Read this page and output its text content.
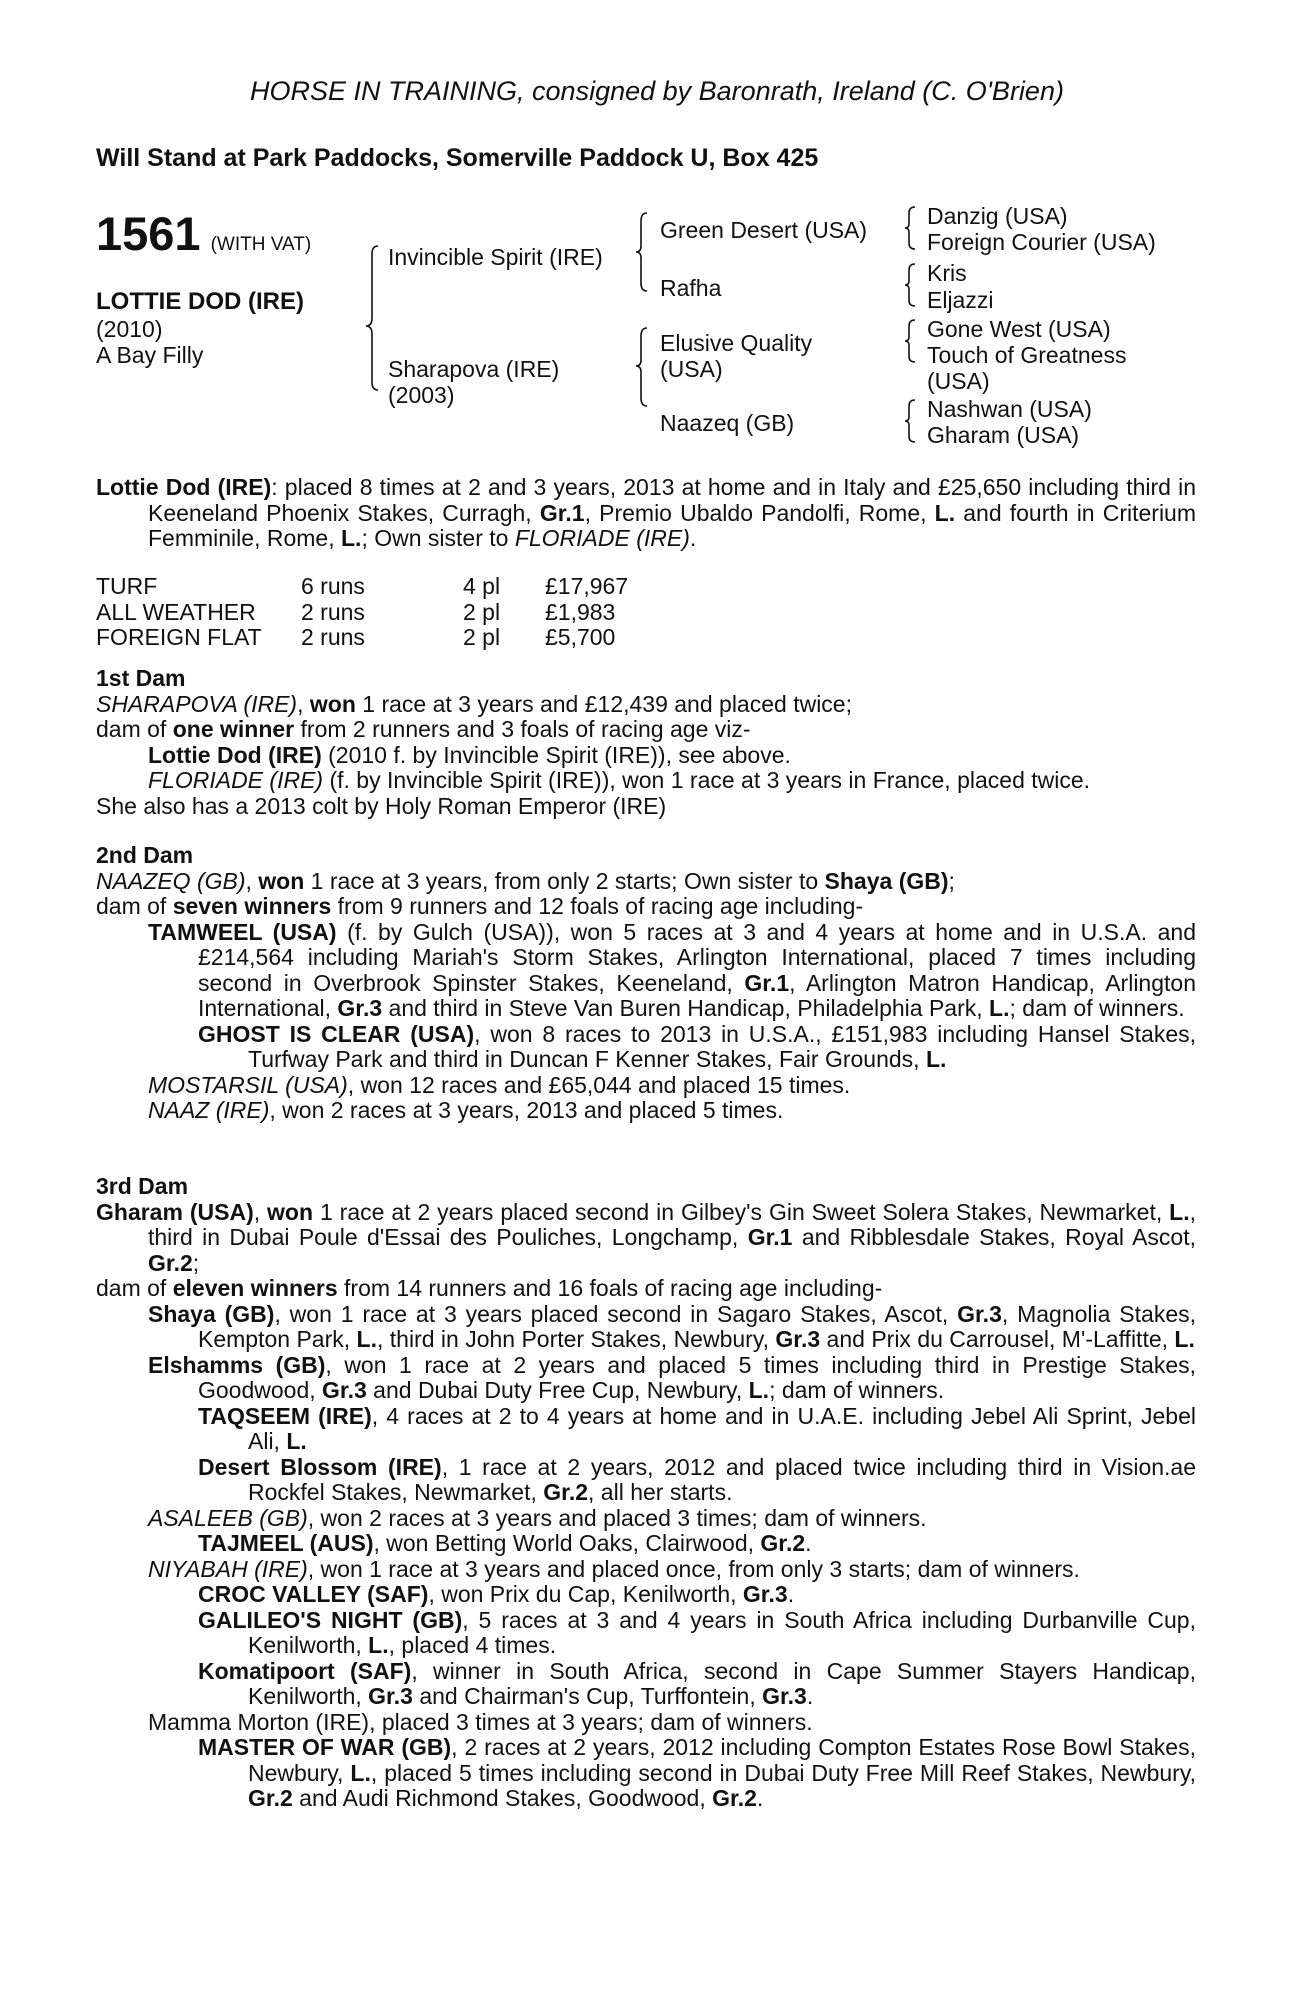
HORSE IN TRAINING, consigned by Baronrath, Ireland (C. O'Brien)
Will Stand at Park Paddocks, Somerville Paddock U, Box 425
1561 (WITH VAT)
LOTTIE DOD (IRE)
(2010)
A Bay Filly
Invincible Spirit (IRE)
Sharapova (IRE)
(2003)
Green Desert (USA)
Rafha
Elusive Quality
(USA)
Naazeq (GB)
Danzig (USA)
Foreign Courier (USA)
Kris
Eljazzi
Gone West (USA)
Touch of Greatness
(USA)
Nashwan (USA)
Gharam (USA)

Lottie Dod (IRE): placed 8 times at 2 and 3 years, 2013 at home and in Italy and £25,650 including third in Keeneland Phoenix Stakes, Curragh, Gr.1, Premio Ubaldo Pandolfi, Rome, L. and fourth in Criterium Femminile, Rome, L.; Own sister to FLORIADE (IRE).

TURF	6 runs	4 pl	£17,967
ALL WEATHER	2 runs	2 pl	£1,983
FOREIGN FLAT	2 runs	2 pl	£5,700

1st Dam

SHARAPOVA (IRE), won 1 race at 3 years and £12,439 and placed twice;

dam of one winner from 2 runners and 3 foals of racing age viz-

Lottie Dod (IRE) (2010 f. by Invincible Spirit (IRE)), see above.

FLORIADE (IRE) (f. by Invincible Spirit (IRE)), won 1 race at 3 years in France, placed twice.

She also has a 2013 colt by Holy Roman Emperor (IRE)

2nd Dam

NAAZEQ (GB), won 1 race at 3 years, from only 2 starts; Own sister to Shaya (GB);

dam of seven winners from 9 runners and 12 foals of racing age including-

TAMWEEL (USA) (f. by Gulch (USA)), won 5 races at 3 and 4 years at home and in U.S.A. and £214,564 including Mariah's Storm Stakes, Arlington International, placed 7 times including second in Overbrook Spinster Stakes, Keeneland, Gr.1, Arlington Matron Handicap, Arlington International, Gr.3 and third in Steve Van Buren Handicap, Philadelphia Park, L.; dam of winners.

GHOST IS CLEAR (USA), won 8 races to 2013 in U.S.A., £151,983 including Hansel Stakes, Turfway Park and third in Duncan F Kenner Stakes, Fair Grounds, L.

MOSTARSIL (USA), won 12 races and £65,044 and placed 15 times.

NAAZ (IRE), won 2 races at 3 years, 2013 and placed 5 times.

3rd Dam

Gharam (USA), won 1 race at 2 years placed second in Gilbey's Gin Sweet Solera Stakes, Newmarket, L., third in Dubai Poule d'Essai des Pouliches, Longchamp, Gr.1 and Ribblesdale Stakes, Royal Ascot, Gr.2;

dam of eleven winners from 14 runners and 16 foals of racing age including-

Shaya (GB), won 1 race at 3 years placed second in Sagaro Stakes, Ascot, Gr.3, Magnolia Stakes, Kempton Park, L., third in John Porter Stakes, Newbury, Gr.3 and Prix du Carrousel, M'-Laffitte, L.

Elshamms (GB), won 1 race at 2 years and placed 5 times including third in Prestige Stakes, Goodwood, Gr.3 and Dubai Duty Free Cup, Newbury, L.; dam of winners.

TAQSEEM (IRE), 4 races at 2 to 4 years at home and in U.A.E. including Jebel Ali Sprint, Jebel Ali, L.

Desert Blossom (IRE), 1 race at 2 years, 2012 and placed twice including third in Vision.ae Rockfel Stakes, Newmarket, Gr.2, all her starts.

ASALEEB (GB), won 2 races at 3 years and placed 3 times; dam of winners.

TAJMEEL (AUS), won Betting World Oaks, Clairwood, Gr.2.

NIYABAH (IRE), won 1 race at 3 years and placed once, from only 3 starts; dam of winners.

CROC VALLEY (SAF), won Prix du Cap, Kenilworth, Gr.3.

GALILEO'S NIGHT (GB), 5 races at 3 and 4 years in South Africa including Durbanville Cup, Kenilworth, L., placed 4 times.

Komatipoort (SAF), winner in South Africa, second in Cape Summer Stayers Handicap, Kenilworth, Gr.3 and Chairman's Cup, Turffontein, Gr.3.

Mamma Morton (IRE), placed 3 times at 3 years; dam of winners.

MASTER OF WAR (GB), 2 races at 2 years, 2012 including Compton Estates Rose Bowl Stakes, Newbury, L., placed 5 times including second in Dubai Duty Free Mill Reef Stakes, Newbury, Gr.2 and Audi Richmond Stakes, Goodwood, Gr.2.
